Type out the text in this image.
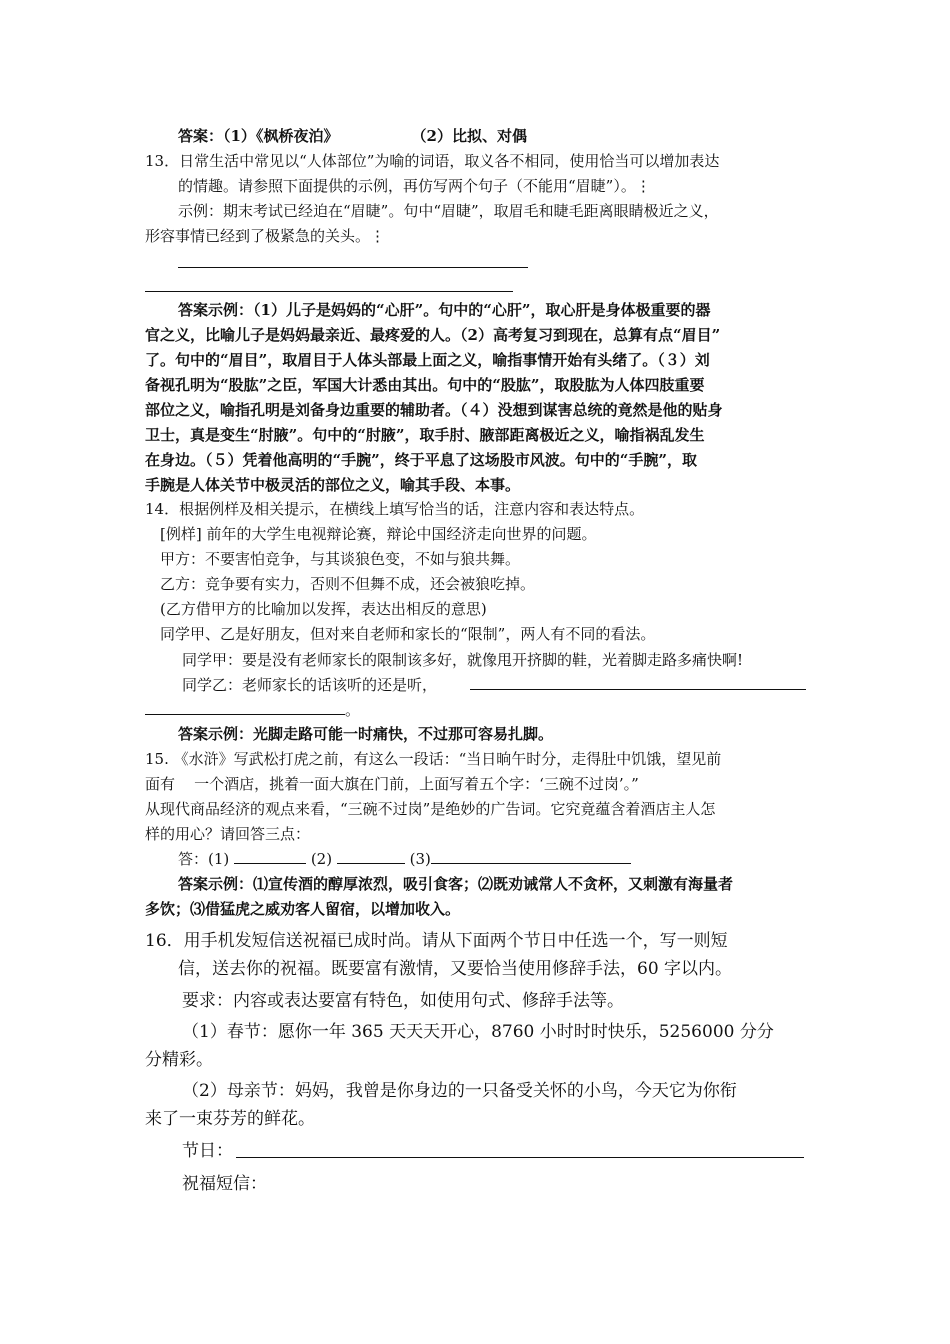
答案：（1）《枫桥夜泊》              （2）比拟、对偶
13．日常生活中常见以“人体部位”为喻的词语，取义各不相同，使用恰当可以增加表达
的情趣。请参照下面提供的示例，再仿写两个句子（不能用“眉睫”）。⋮
示例：期末考试已经迫在“眉睫”。句中“眉睫”，取眉毛和睫毛距离眼睛极近之义，
形容事情已经到了极紧急的关头。⋮
答案示例：（1）儿子是妈妈的“心肝”。句中的“心肝”，取心肝是身体极重要的器
官之义，比喻儿子是妈妈最亲近、最疼爱的人。（2）高考复习到现在，总算有点“眉目”
了。句中的“眉目”，取眉目于人体头部最上面之义，喻指事情开始有头绪了。（３）刘
备视孔明为“股肱”之臣，军国大计悉由其出。句中的“股肱”，取股肱为人体四肢重要
部位之义，喻指孔明是刘备身边重要的辅助者。（４）没想到谋害总统的竟然是他的贴身
卫士，真是变生“肘腋”。句中的“肘腋”，取手肘、腋部距离极近之义，喻指祸乱发生
在身边。（５）凭着他高明的“手腕”，终于平息了这场股市风波。句中的“手腕”，取
手腕是人体关节中极灵活的部位之义，喻其手段、本事。
14．根据例样及相关提示，在横线上填写恰当的话，注意内容和表达特点。
[例样] 前年的大学生电视辩论赛，辩论中国经济走向世界的问题。
甲方：不要害怕竞争，与其谈狼色变，不如与狼共舞。
乙方：竞争要有实力，否则不但舞不成，还会被狼吃掉。
(乙方借甲方的比喻加以发挥，表达出相反的意思)
同学甲、乙是好朋友，但对来自老师和家长的“限制”，两人有不同的看法。
同学甲：要是没有老师家长的限制该多好，就像甩开挤脚的鞋，光着脚走路多痛快啊!
同学乙：老师家长的话该听的还是听，
。
答案示例：光脚走路可能一时痛快，不过那可容易扎脚。
15. 《水浒》写武松打虎之前，有这么一段话：“当日晌午时分，走得肚中饥饿，望见前
面有    一个酒店，挑着一面大旗在门前，上面写着五个字：‘三碗不过岗’。”
从现代商品经济的观点来看，“三碗不过岗”是绝妙的广告词。它究竟蕴含着酒店主人怎
样的用心？请回答三点：
答：(1)	(2)	(3)
答案示例：⑴宣传酒的醇厚浓烈，吸引食客；⑵既劝诫常人不贪杯，又刺激有海量者
多饮；⑶借猛虎之威劝客人留宿，以增加收入。
16．用手机发短信送祝福已成时尚。请从下面两个节日中任选一个，写一则短
信，送去你的祝福。既要富有激情，又要恰当使用修辞手法，60 字以内。
要求：内容或表达要富有特色，如使用句式、修辞手法等。
（1）春节：愿你一年 365 天天天开心，8760 小时时时快乐，5256000 分分
分精彩。
（2）母亲节：妈妈，我曾是你身边的一只备受关怀的小鸟，今天它为你衔
来了一束芬芳的鲜花。
节日：
祝福短信：
